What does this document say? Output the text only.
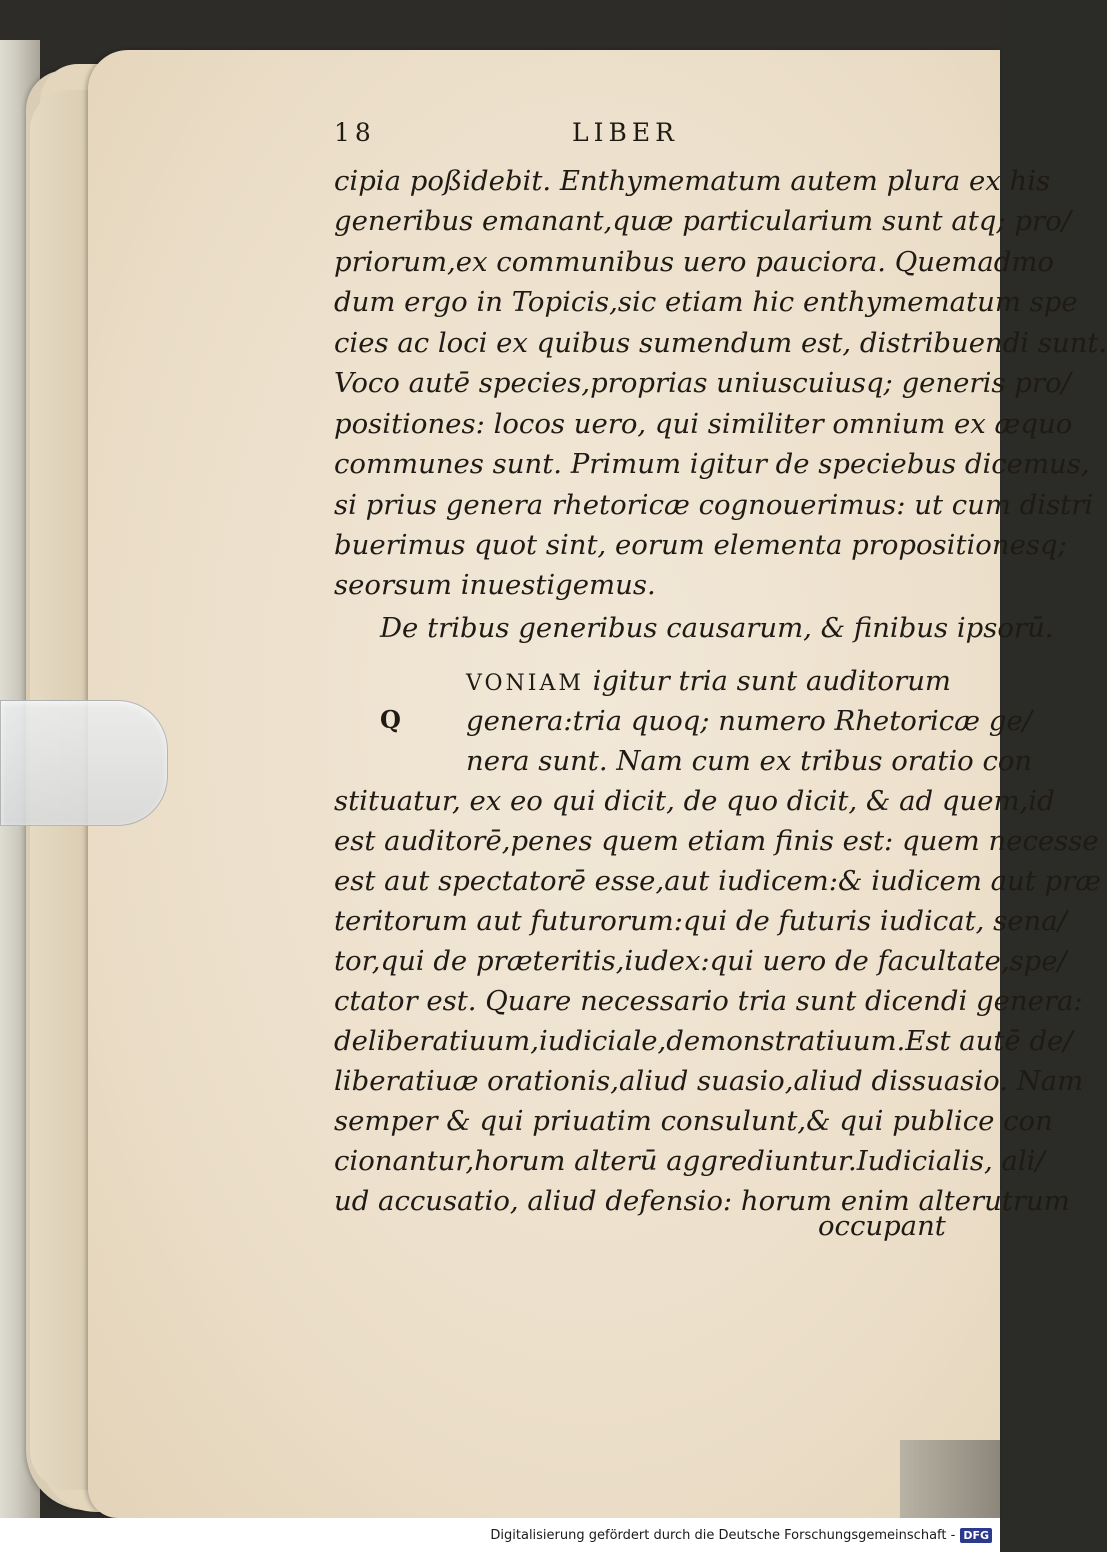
18	LIBER
cipia poßidebit. Enthymematum autem plura ex his
generibus emanant,quæ particularium sunt atq; pro/
priorum,ex communibus uero pauciora. Quemadmo
dum ergo in Topicis,sic etiam hic enthymematum spe
cies ac loci ex quibus sumendum est, distribuendi sunt.
Voco autē species,proprias uniuscuiusq; generis pro/
positiones: locos uero, qui similiter omnium ex æquo
communes sunt. Primum igitur de speciebus dicemus,
si prius genera rhetoricæ cognouerimus: ut cum distri
buerimus quot sint, eorum elementa propositionesq;
seorsum inuestigemus.
De tribus generibus causarum, & finibus ipsorū.
VONIAM igitur tria sunt auditorum
Q genera:tria quoq; numero Rhetoricæ ge/
nera sunt. Nam cum ex tribus oratio con
stituatur, ex eo qui dicit, de quo dicit, & ad quem,id
est auditorē,penes quem etiam finis est: quem necesse
est aut spectatorē esse,aut iudicem:& iudicem aut præ
teritorum aut futurorum:qui de futuris iudicat, sena/
tor,qui de præteritis,iudex:qui uero de facultate,spe/
ctator est. Quare necessario tria sunt dicendi genera:
deliberatiuum,iudiciale,demonstratiuum.Est autē de/
liberatiuæ orationis,aliud suasio,aliud dissuasio. Nam
semper & qui priuatim consulunt,& qui publice con
cionantur,horum alterū aggrediuntur.Iudicialis, ali/
ud accusatio, aliud defensio: horum enim alterutrum
occupant
Digitalisierung gefördert durch die Deutsche Forschungsgemeinschaft - DFG
